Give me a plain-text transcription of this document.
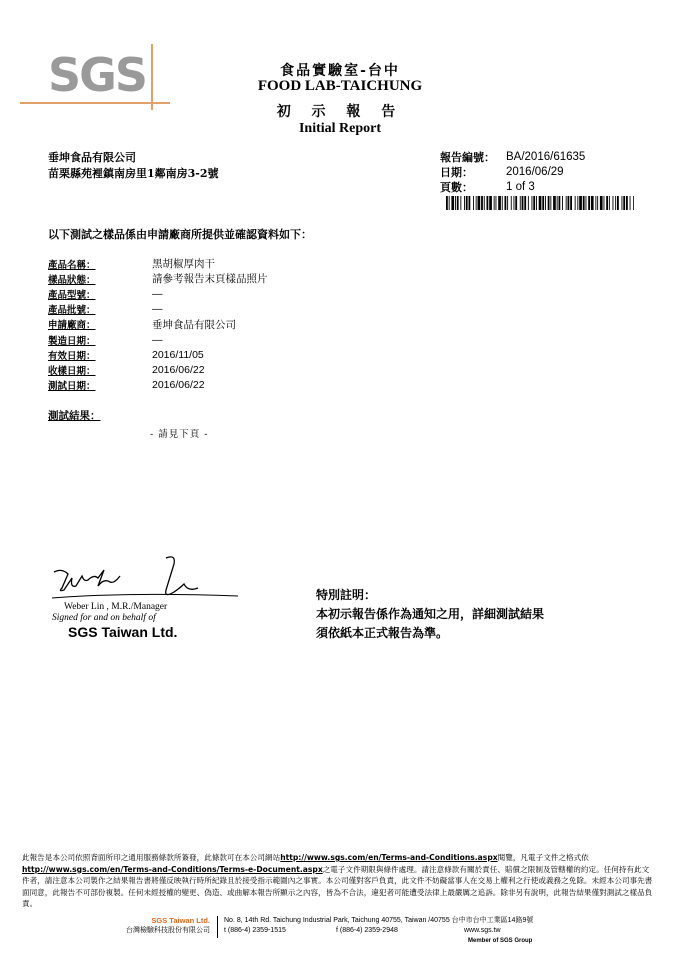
SGS	食品實驗室-台中
FOOD LAB-TAICHUNG
初 示 報 告
Initial Report
垂坤食品有限公司
苗栗縣苑裡鎮南房里1鄰南房3-2號
報告編號： BA/2016/61635
日期：	2016/06/29
頁數：	1 of 3
以下測試之樣品係由申請廠商所提供並確認資料如下：
產品名稱：	黑胡椒厚肉干
樣品狀態：	請參考報告末頁樣品照片
產品型號：	—
產品批號：	—
申請廠商：	垂坤食品有限公司
製造日期：	—
有效日期：	2016/11/05
收樣日期：	2016/06/22
測試日期：	2016/06/22
測試結果：
- 請見下頁 -
Weber Lin , M.R./Manager
Signed for and on behalf of
SGS Taiwan Ltd.
特別註明：
本初示報告係作為通知之用，詳細測試結果
須依紙本正式報告為準。
此報告是本公司依照背面所印之通用服務條款所簽發，此條款可在本公司網站http://www.sgs.com/en/Terms-and-Conditions.aspx閱覽，凡電子文件之格式依http://www.sgs.com/en/Terms-and-Conditions/Terms-e-Document.aspx之電子文件期限與條件處理。請注意條款有關於責任、賠償之限制及管轄權的約定。任何持有此文件者，請注意本公司製作之結果報告書將僅反映執行時所紀錄且於接受指示範圍內之事實。本公司僅對客戶負責，此文件不妨礙當事人在交易上權利之行使或義務之免除。未經本公司事先書面同意，此報告不可部份複製。任何未經授權的變更、偽造、或曲解本報告所顯示之內容，皆為不合法，違犯者可能遭受法律上最嚴厲之追訴。除非另有說明，此報告結果僅對測試之樣品負責。
SGS Taiwan Ltd.
台灣檢驗科技股份有限公司
No. 8, 14th Rd. Taichung Industrial Park, Taichung 40755, Taiwan /40755 台中市台中工業區14路9號
t (886-4) 2359-1515	f (886-4) 2359-2948	www.sgs.tw
Member of SGS Group
